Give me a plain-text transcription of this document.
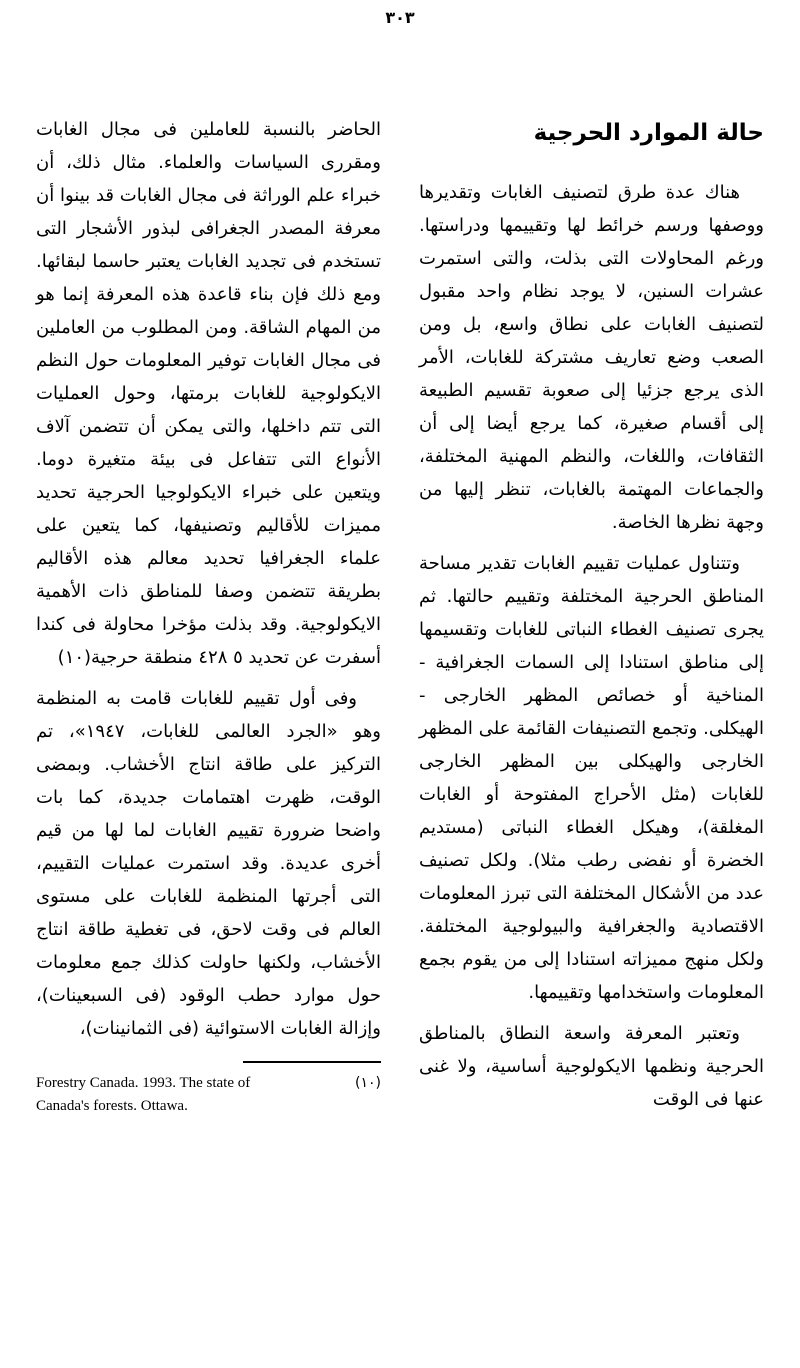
٣٠٣
حالة الموارد الحرجية

هناك عدة طرق لتصنيف الغابات وتقديرها ووصفها ورسم خرائط لها وتقييمها ودراستها. ورغم المحاولات التى بذلت، والتى استمرت عشرات السنين، لا يوجد نظام واحد مقبول لتصنيف الغابات على نطاق واسع، بل ومن الصعب وضع تعاريف مشتركة للغابات، الأمر الذى يرجع جزئيا إلى صعوبة تقسيم الطبيعة إلى أقسام صغيرة، كما يرجع أيضا إلى أن الثقافات، واللغات، والنظم المهنية المختلفة، والجماعات المهتمة بالغابات، تنظر إليها من وجهة نظرها الخاصة.

وتتناول عمليات تقييم الغابات تقدير مساحة المناطق الحرجية المختلفة وتقييم حالتها. ثم يجرى تصنيف الغطاء النباتى للغابات وتقسيمها إلى مناطق استنادا إلى السمات الجغرافية - المناخية أو خصائص المظهر الخارجى - الهيكلى. وتجمع التصنيفات القائمة على المظهر الخارجى والهيكلى بين المظهر الخارجى للغابات (مثل الأحراج المفتوحة أو الغابات المغلقة)، وهيكل الغطاء النباتى (مستديم الخضرة أو نفضى رطب مثلا). ولكل تصنيف عدد من الأشكال المختلفة التى تبرز المعلومات الاقتصادية والجغرافية والبيولوجية المختلفة. ولكل منهج مميزاته استنادا إلى من يقوم بجمع المعلومات واستخدامها وتقييمها.

وتعتبر المعرفة واسعة النطاق بالمناطق الحرجية ونظمها الايكولوجية أساسية، ولا غنى عنها فى الوقت

الحاضر بالنسبة للعاملين فى مجال الغابات ومقررى السياسات والعلماء. مثال ذلك، أن خبراء علم الوراثة فى مجال الغابات قد بينوا أن معرفة المصدر الجغرافى لبذور الأشجار التى تستخدم فى تجديد الغابات يعتبر حاسما لبقائها. ومع ذلك فإن بناء قاعدة هذه المعرفة إنما هو من المهام الشاقة. ومن المطلوب من العاملين فى مجال الغابات توفير المعلومات حول النظم الايكولوجية للغابات برمتها، وحول العمليات التى تتم داخلها، والتى يمكن أن تتضمن آلاف الأنواع التى تتفاعل فى بيئة متغيرة دوما. ويتعين على خبراء الايكولوجيا الحرجية تحديد مميزات للأقاليم وتصنيفها، كما يتعين على علماء الجغرافيا تحديد معالم هذه الأقاليم بطريقة تتضمن وصفا للمناطق ذات الأهمية الايكولوجية. وقد بذلت مؤخرا محاولة فى كندا أسفرت عن تحديد ٥ ٤٢٨ منطقة حرجية(١٠)

وفى أول تقييم للغابات قامت به المنظمة وهو «الجرد العالمى للغابات، ١٩٤٧»، تم التركيز على طاقة انتاج الأخشاب. وبمضى الوقت، ظهرت اهتمامات جديدة، كما بات واضحا ضرورة تقييم الغابات لما لها من قيم أخرى عديدة. وقد استمرت عمليات التقييم، التى أجرتها المنظمة للغابات على مستوى العالم فى وقت لاحق، فى تغطية طاقة انتاج الأخشاب، ولكنها حاولت كذلك جمع معلومات حول موارد حطب الوقود (فى السبعينات)، وإزالة الغابات الاستوائية (فى الثمانينات)،

Forestry Canada. 1993. The state of	(١٠)
Canada's forests. Ottawa.
